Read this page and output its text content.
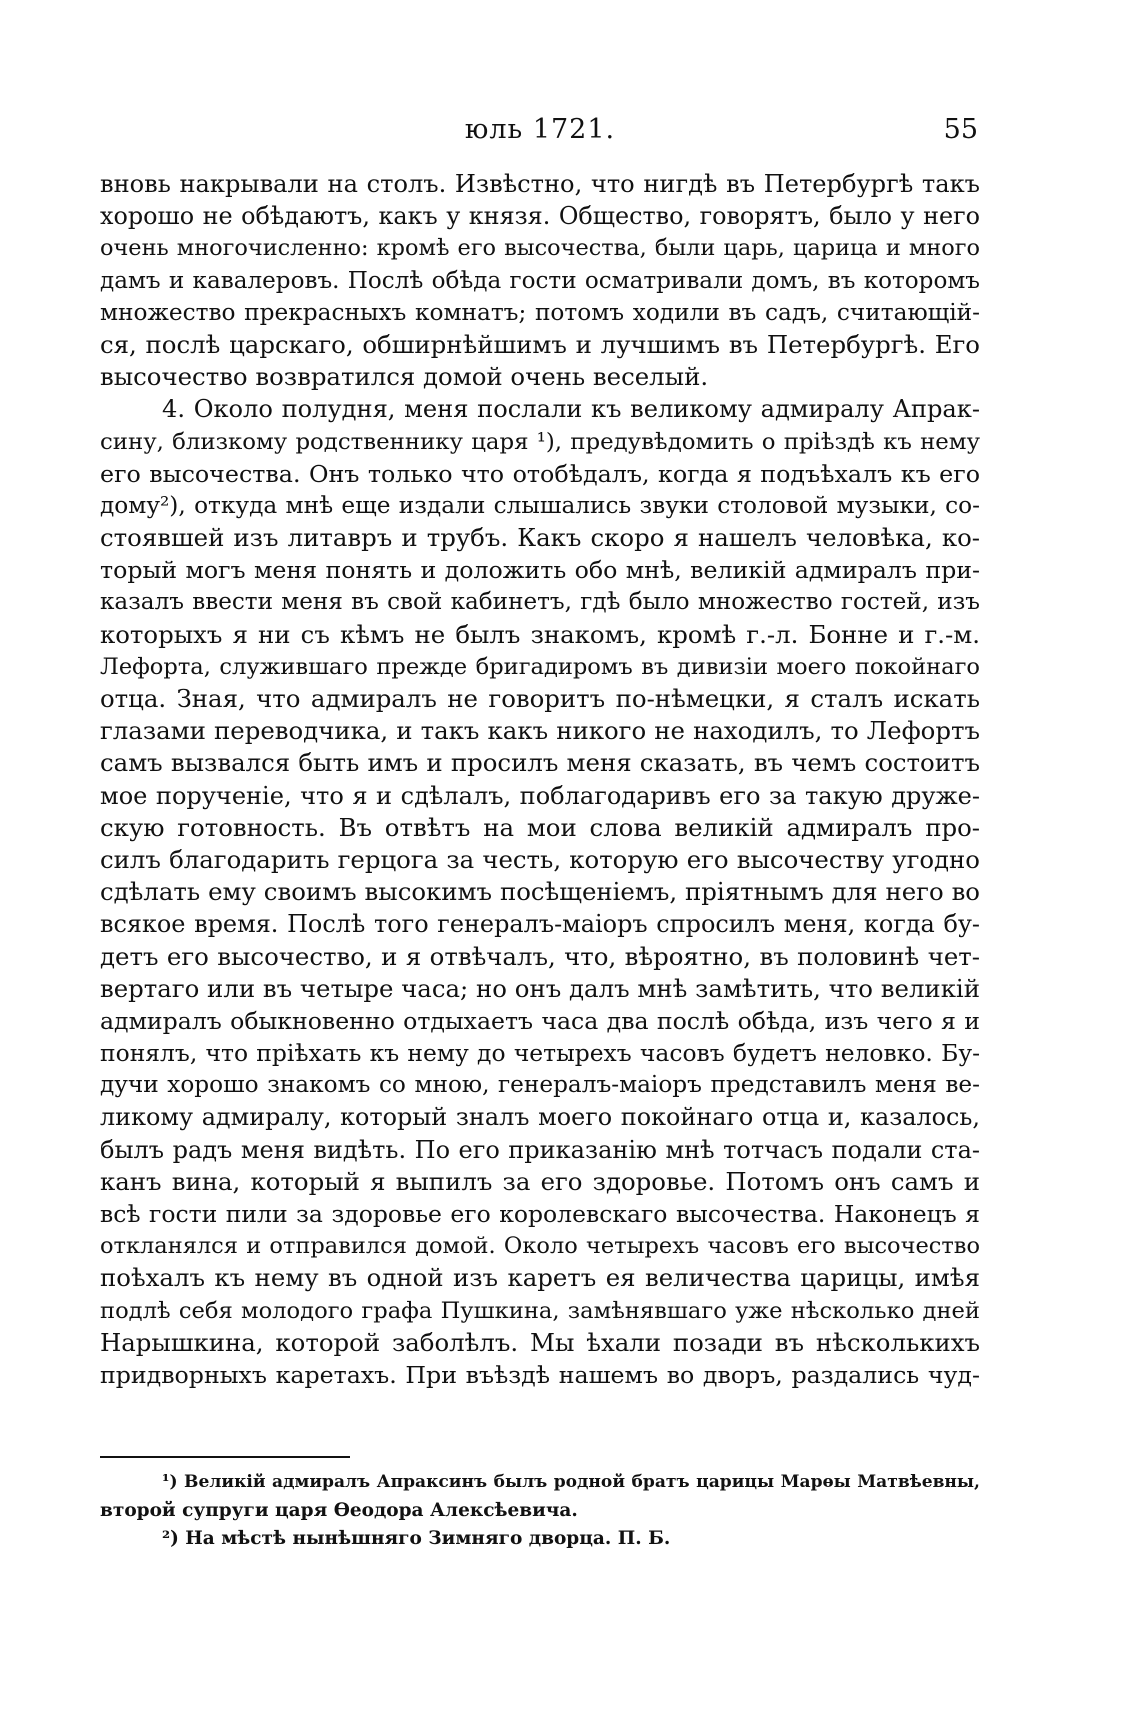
юль 1721.	55
вновь накрывали на столъ. Извѣстно, что нигдѣ въ Петербургѣ такъ
хорошо не обѣдаютъ, какъ у князя. Общество, говорятъ, было у него
очень многочисленно: кромѣ его высочества, были царь, царица и много
дамъ и кавалеровъ. Послѣ обѣда гости осматривали домъ, въ которомъ
множество прекрасныхъ комнатъ; потомъ ходили въ садъ, считающій-
ся, послѣ царскаго, обширнѣйшимъ и лучшимъ въ Петербургѣ. Его
высочество возвратился домой очень веселый.
4. Около полудня, меня послали къ великому адмиралу Апрак-
сину, близкому родственнику царя ¹), предувѣдомить о пріѣздѣ къ нему
его высочества. Онъ только что отобѣдалъ, когда я подъѣхалъ къ его
дому²), откуда мнѣ еще издали слышались звуки столовой музыки, со-
стоявшей изъ литавръ и трубъ. Какъ скоро я нашелъ человѣка, ко-
торый могъ меня понять и доложить обо мнѣ, великій адмиралъ при-
казалъ ввести меня въ свой кабинетъ, гдѣ было множество гостей, изъ
которыхъ я ни съ кѣмъ не былъ знакомъ, кромѣ г.-л. Бонне и г.-м.
Лефорта, служившаго прежде бригадиромъ въ дивизіи моего покойнаго
отца. Зная, что адмиралъ не говоритъ по-нѣмецки, я сталъ искать
глазами переводчика, и такъ какъ никого не находилъ, то Лефортъ
самъ вызвался быть имъ и просилъ меня сказать, въ чемъ состоитъ
мое порученіе, что я и сдѣлалъ, поблагодаривъ его за такую друже-
скую готовность. Въ отвѣтъ на мои слова великій адмиралъ про-
силъ благодарить герцога за честь, которую его высочеству угодно
сдѣлать ему своимъ высокимъ посѣщеніемъ, пріятнымъ для него во
всякое время. Послѣ того генералъ-маіоръ спросилъ меня, когда бу-
детъ его высочество, и я отвѣчалъ, что, вѣроятно, въ половинѣ чет-
вертаго или въ четыре часа; но онъ далъ мнѣ замѣтить, что великій
адмиралъ обыкновенно отдыхаетъ часа два послѣ обѣда, изъ чего я и
понялъ, что пріѣхать къ нему до четырехъ часовъ будетъ неловко. Бу-
дучи хорошо знакомъ со мною, генералъ-маіоръ представилъ меня ве-
ликому адмиралу, который зналъ моего покойнаго отца и, казалось,
былъ радъ меня видѣть. По его приказанію мнѣ тотчасъ подали ста-
канъ вина, который я выпилъ за его здоровье. Потомъ онъ самъ и
всѣ гости пили за здоровье его королевскаго высочества. Наконецъ я
откланялся и отправился домой. Около четырехъ часовъ его высочество
поѣхалъ къ нему въ одной изъ каретъ ея величества царицы, имѣя
подлѣ себя молодого графа Пушкина, замѣнявшаго уже нѣсколько дней
Нарышкина, которой заболѣлъ. Мы ѣхали позади въ нѣсколькихъ
придворныхъ каретахъ. При въѣздѣ нашемъ во дворъ, раздались чуд-
¹) Великій адмиралъ Апраксинъ былъ родной братъ царицы Марѳы Матвѣевны,
второй супруги царя Ѳеодора Алексѣевича.
²) На мѣстѣ нынѣшняго Зимняго дворца. П. Б.
